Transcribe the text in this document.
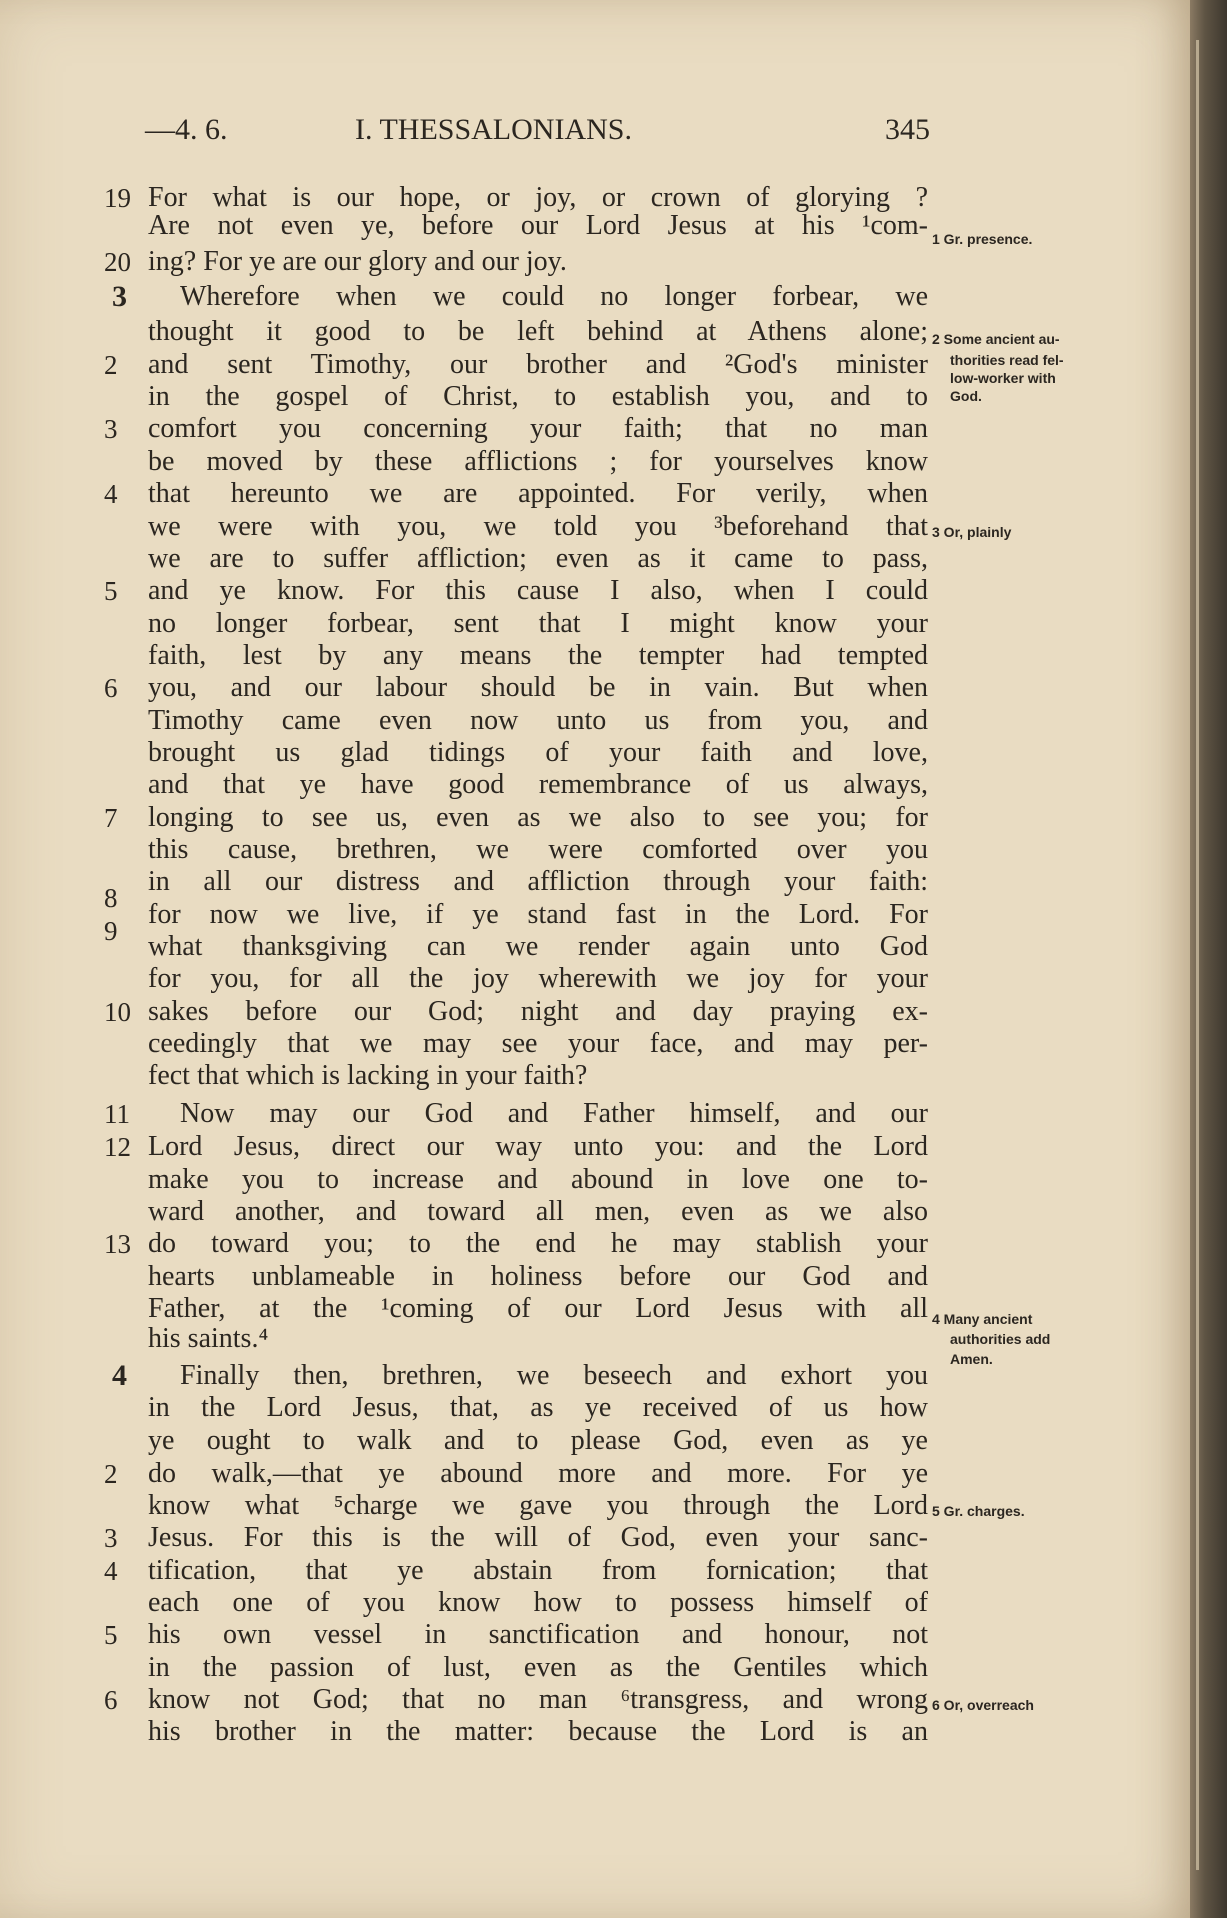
—4. 6.	I. THESSALONIANS.	345
For what is our hope, or joy, or crown of glorying ?
Are not even ye, before our Lord Jesus at his ¹com-
ing? For ye are our glory and our joy.
Wherefore when we could no longer forbear, we
thought it good to be left behind at Athens alone;
and sent Timothy, our brother and ²God's minister
in the gospel of Christ, to establish you, and to
comfort you concerning your faith; that no man
be moved by these afflictions ; for yourselves know
that hereunto we are appointed. For verily, when
we were with you, we told you ³beforehand that
we are to suffer affliction; even as it came to pass,
and ye know. For this cause I also, when I could
no longer forbear, sent that I might know your
faith, lest by any means the tempter had tempted
you, and our labour should be in vain. But when
Timothy came even now unto us from you, and
brought us glad tidings of your faith and love,
and that ye have good remembrance of us always,
longing to see us, even as we also to see you; for
this cause, brethren, we were comforted over you
in all our distress and affliction through your faith:
for now we live, if ye stand fast in the Lord. For
what thanksgiving can we render again unto God
for you, for all the joy wherewith we joy for your
sakes before our God; night and day praying ex-
ceedingly that we may see your face, and may per-
fect that which is lacking in your faith?
Now may our God and Father himself, and our
Lord Jesus, direct our way unto you: and the Lord
make you to increase and abound in love one to-
ward another, and toward all men, even as we also
do toward you; to the end he may stablish your
hearts unblameable in holiness before our God and
Father, at the ¹coming of our Lord Jesus with all
his saints.⁴
Finally then, brethren, we beseech and exhort you
in the Lord Jesus, that, as ye received of us how
ye ought to walk and to please God, even as ye
do walk,—that ye abound more and more. For ye
know what ⁵charge we gave you through the Lord
Jesus. For this is the will of God, even your sanc-
tification, that ye abstain from fornication; that
each one of you know how to possess himself of
his own vessel in sanctification and honour, not
in the passion of lust, even as the Gentiles which
know not God; that no man ⁶transgress, and wrong
his brother in the matter: because the Lord is an
19
20
3
2
3
4
5
6
7
8
9
10
11
12
13
4
2
3
4
5
6
1 Gr. presence.
2 Some ancient au-
thorities read fel-
low-worker with
God.
3 Or, plainly
4 Many ancient
authorities add
Amen.
5 Gr. charges.
6 Or, overreach
